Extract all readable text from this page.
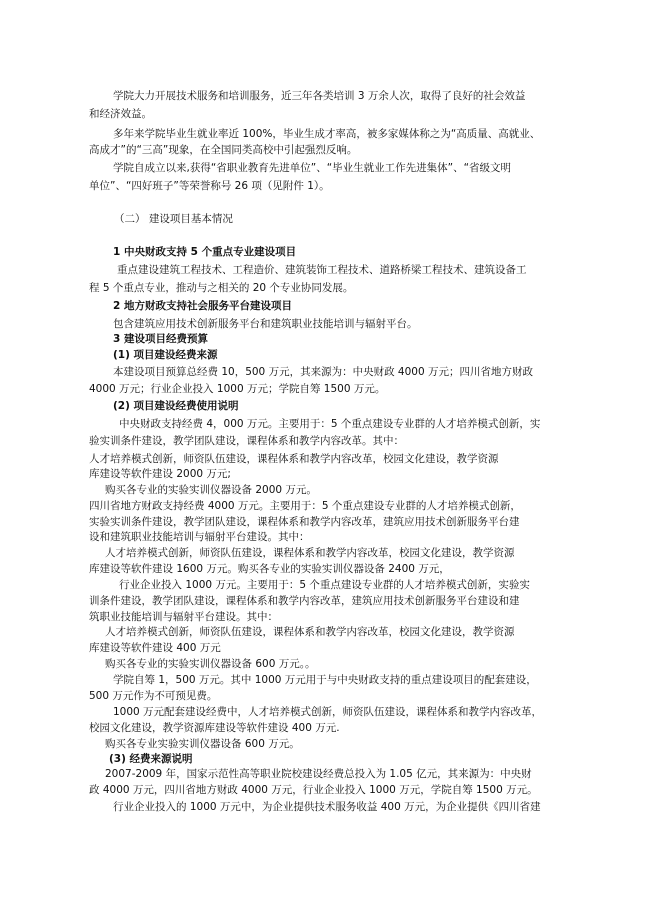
学院大力开展技术服务和培训服务，近三年各类培训 3 万余人次，取得了良好的社会效益
和经济效益。
多年来学院毕业生就业率近 100%，毕业生成才率高，被多家媒体称之为“高质量、高就业、
高成才”的“三高”现象，在全国同类高校中引起强烈反响。
学院自成立以来,获得“省职业教育先进单位”、“毕业生就业工作先进集体”、“省级文明
单位”、“四好班子”等荣誉称号 26 项（见附件 1）。
（二） 建设项目基本情况
1 中央财政支持 5 个重点专业建设项目
重点建设建筑工程技术、工程造价、建筑装饰工程技术、道路桥梁工程技术、建筑设备工
程 5 个重点专业，推动与之相关的 20 个专业协同发展。
2 地方财政支持社会服务平台建设项目
包含建筑应用技术创新服务平台和建筑职业技能培训与辐射平台。
3 建设项目经费预算
(1) 项目建设经费来源
本建设项目预算总经费 10，500 万元，其来源为：中央财政 4000 万元；四川省地方财政
4000 万元；行业企业投入 1000 万元；学院自筹 1500 万元。
(2) 项目建设经费使用说明
中央财政支持经费 4，000 万元。主要用于：5 个重点建设专业群的人才培养模式创新，实
验实训条件建设，教学团队建设，课程体系和教学内容改革。其中：
人才培养模式创新，师资队伍建设，课程体系和教学内容改革，校园文化建设，教学资源
库建设等软件建设 2000 万元;
购买各专业的实验实训仪器设备 2000 万元。
四川省地方财政支持经费 4000 万元。主要用于：5 个重点建设专业群的人才培养模式创新，
实验实训条件建设，教学团队建设，课程体系和教学内容改革，建筑应用技术创新服务平台建
设和建筑职业技能培训与辐射平台建设。其中：
人才培养模式创新，师资队伍建设，课程体系和教学内容改革，校园文化建设，教学资源
库建设等软件建设 1600 万元。购买各专业的实验实训仪器设备 2400 万元，
行业企业投入 1000 万元。主要用于：5 个重点建设专业群的人才培养模式创新，实验实
训条件建设，教学团队建设，课程体系和教学内容改革，建筑应用技术创新服务平台建设和建
筑职业技能培训与辐射平台建设。其中：
人才培养模式创新，师资队伍建设，课程体系和教学内容改革，校园文化建设，教学资源
库建设等软件建设 400 万元
购买各专业的实验实训仪器设备 600 万元。。
学院自筹 1，500 万元。其中 1000 万元用于与中央财政支持的重点建设项目的配套建设，
500 万元作为不可预见费。
1000 万元配套建设经费中，人才培养模式创新，师资队伍建设，课程体系和教学内容改革，
校园文化建设，教学资源库建设等软件建设 400 万元.
购买各专业实验实训仪器设备 600 万元。
(3) 经费来源说明
2007-2009 年，国家示范性高等职业院校建设经费总投入为 1.05 亿元，其来源为：中央财
政 4000 万元，四川省地方财政 4000 万元，行业企业投入 1000 万元，学院自筹 1500 万元。
行业企业投入的 1000 万元中，为企业提供技术服务收益 400 万元，为企业提供《四川省建
